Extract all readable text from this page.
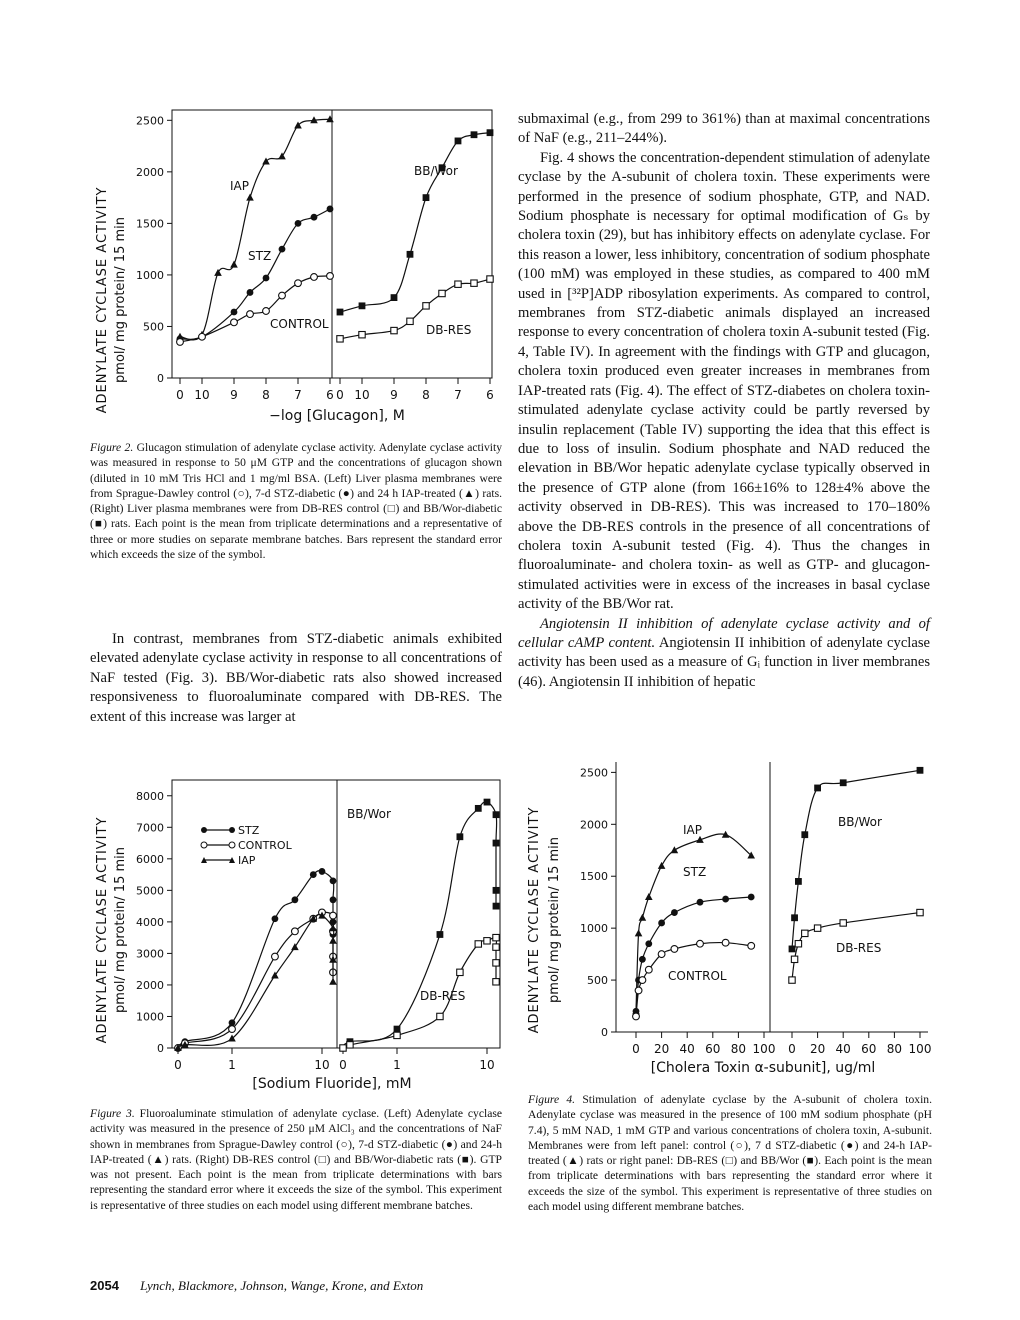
0
500
1000
1500
2000
2500
0 10 9 8 7 6 0 10 9 8 7 6
ADENYLATE CYCLASE ACTIVITY pmol/ mg protein/ 15 min
−log [Glucagon], M
IAP
STZ
CONTROL
BB/Wor
DB-RES
Figure 2. Glucagon stimulation of adenylate cyclase activity. Adenylate cyclase activity was measured in response to 50 μM GTP and the concentrations of glucagon shown (diluted in 10 mM Tris HCl and 1 mg/ml BSA. (Left) Liver plasma membranes were from Sprague-Dawley control (○), 7-d STZ-diabetic (●) and 24 h IAP-treated (▲) rats. (Right) Liver plasma membranes were from DB-RES control (□) and BB/Wor-diabetic (■) rats. Each point is the mean from triplicate determinations and a representative of three or more studies on separate membrane batches. Bars represent the standard error which exceeds the size of the symbol.

In contrast, membranes from STZ-diabetic animals exhibited elevated adenylate cyclase activity in response to all concentrations of NaF tested (Fig. 3). BB/Wor-diabetic rats also showed increased responsiveness to fluoroaluminate compared with DB-RES. The extent of this increase was larger at

submaximal (e.g., from 299 to 361%) than at maximal concentrations of NaF (e.g., 211–244%).

Fig. 4 shows the concentration-dependent stimulation of adenylate cyclase by the A-subunit of cholera toxin. These experiments were performed in the presence of sodium phosphate, GTP, and NAD. Sodium phosphate is necessary for optimal modification of Gₛ by cholera toxin (29), but has inhibitory effects on adenylate cyclase. For this reason a lower, less inhibitory, concentration of sodium phosphate (100 mM) was employed in these studies, as compared to 400 mM used in [³²P]ADP ribosylation experiments. As compared to control, membranes from STZ-diabetic animals displayed an increased response to every concentration of cholera toxin A-subunit tested (Fig. 4, Table IV). In agreement with the findings with GTP and glucagon, cholera toxin produced even greater increases in membranes from IAP-treated rats (Fig. 4). The effect of STZ-diabetes on cholera toxin-stimulated adenylate cyclase activity could be partly reversed by insulin replacement (Table IV) supporting the idea that this effect is due to loss of insulin. Sodium phosphate and NAD reduced the elevation in BB/Wor hepatic adenylate cyclase typically observed in the presence of GTP alone (from 166±16% to 128±4% above the activity observed in DB-RES). This was increased to 170–180% above the DB-RES controls in the presence of all concentrations of cholera toxin A-subunit tested (Fig. 4). Thus the changes in fluoroaluminate- and cholera toxin- as well as GTP- and glucagon-stimulated activities were in excess of the increases in basal cyclase activity of the BB/Wor rat.

Angiotensin II inhibition of adenylate cyclase activity and of cellular cAMP content. Angiotensin II inhibition of adenylate cyclase activity has been used as a measure of Gᵢ function in liver membranes (46). Angiotensin II inhibition of hepatic

0
1000
2000
3000
4000
5000
6000
7000
8000
0	1	10 0	1	10
ADENYLATE CYCLASE ACTIVITY pmol/ mg protein/ 15 min
[Sodium Fluoride], mM
BB/Wor
DB-RES
STZ
CONTROL
IAP
Figure 3. Fluoroaluminate stimulation of adenylate cyclase. (Left) Adenylate cyclase activity was measured in the presence of 250 μM AlCl₃ and the concentrations of NaF shown in membranes from Sprague-Dawley control (○), 7-d STZ-diabetic (●) and 24-h IAP-treated (▲) rats. (Right) DB-RES control (□) and BB/Wor-diabetic rats (■). GTP was not present. Each point is the mean from triplicate determinations with bars representing the standard error where it exceeds the size of the symbol. This experiment is representative of three studies on each model using different membrane batches.
0
500
1000
1500
2000
2500
0 20 40 60 80 100 0 20 40 60 80 100
ADENYLATE CYCLASE ACTIVITY pmol/ mg protein/ 15 min
[Cholera Toxin α-subunit], ug/ml
IAP
STZ
CONTROL
BB/Wor
DB-RES
Figure 4. Stimulation of adenylate cyclase by the A-subunit of cholera toxin. Adenylate cyclase was measured in the presence of 100 mM sodium phosphate (pH 7.4), 5 mM NAD, 1 mM GTP and various concentrations of cholera toxin, A-subunit. Membranes were from left panel: control (○), 7 d STZ-diabetic (●) and 24-h IAP-treated (▲) rats or right panel: DB-RES (□) and BB/Wor (■). Each point is the mean from triplicate determinations with bars representing the standard error where it exceeds the size of the symbol. This experiment is representative of three studies on each model using different membrane batches.
2054 Lynch, Blackmore, Johnson, Wange, Krone, and Exton
